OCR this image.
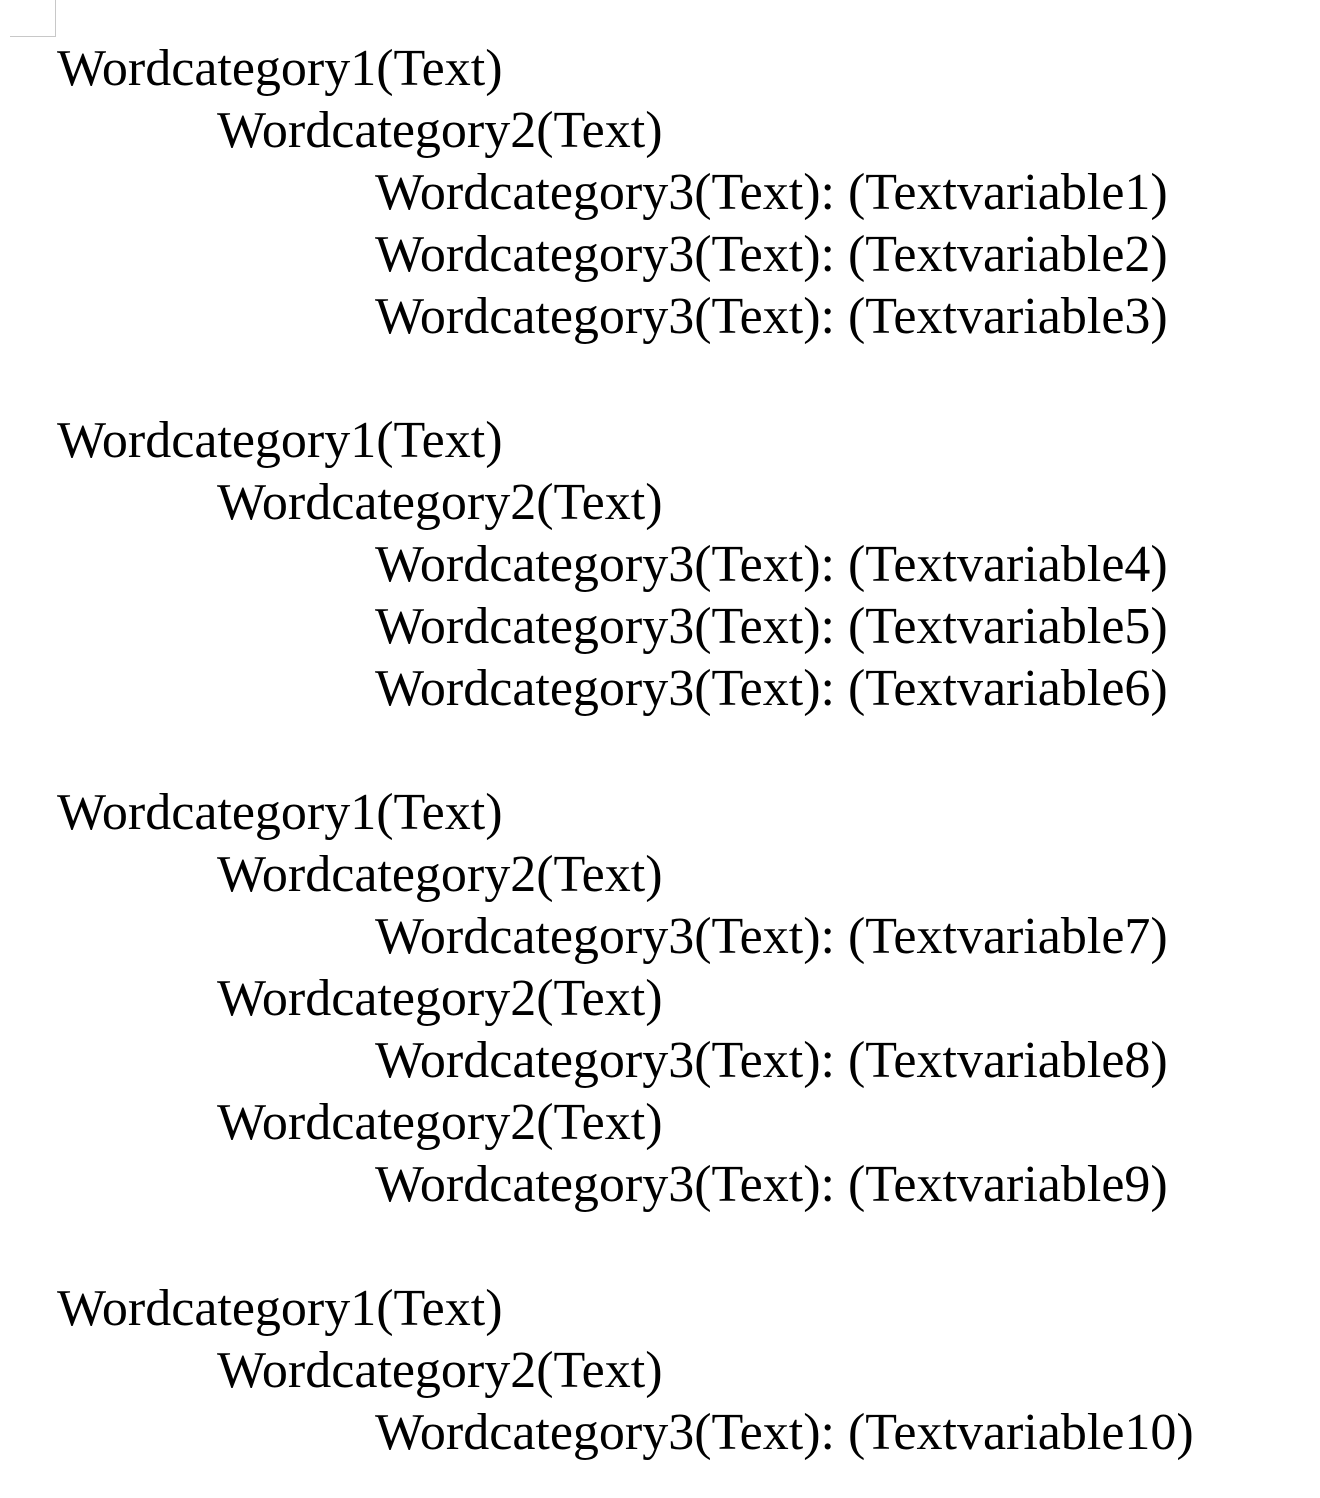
Wordcategory1(Text)
Wordcategory2(Text)
Wordcategory3(Text): (Textvariable1)
Wordcategory3(Text): (Textvariable2)
Wordcategory3(Text): (Textvariable3)
Wordcategory1(Text)
Wordcategory2(Text)
Wordcategory3(Text): (Textvariable4)
Wordcategory3(Text): (Textvariable5)
Wordcategory3(Text): (Textvariable6)
Wordcategory1(Text)
Wordcategory2(Text)
Wordcategory3(Text): (Textvariable7)
Wordcategory2(Text)
Wordcategory3(Text): (Textvariable8)
Wordcategory2(Text)
Wordcategory3(Text): (Textvariable9)
Wordcategory1(Text)
Wordcategory2(Text)
Wordcategory3(Text): (Textvariable10)
